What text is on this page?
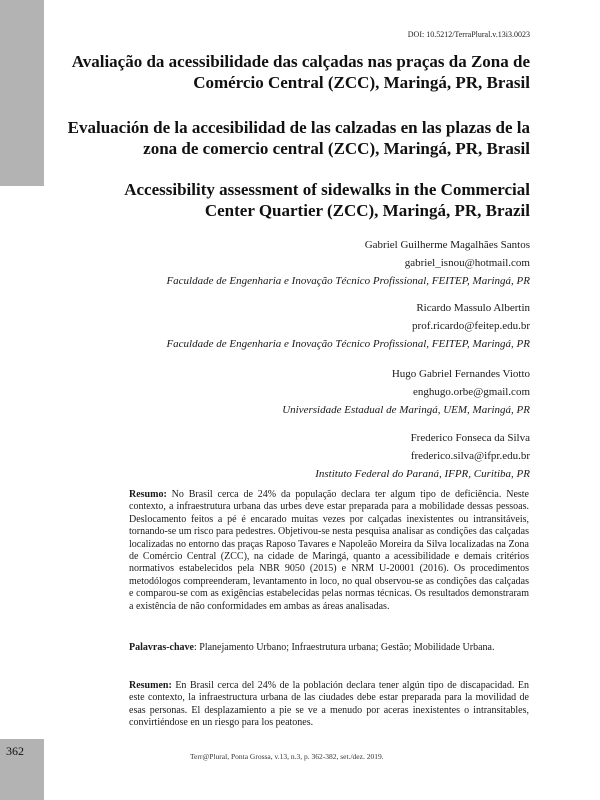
DOI: 10.5212/TerraPlural.v.13i3.0023
Avaliação da acessibilidade das calçadas nas praças da Zona de Comércio Central (ZCC), Maringá, PR, Brasil
Evaluación de la accesibilidad de las calzadas en las plazas de la zona de comercio central (ZCC), Maringá, PR, Brasil
Accessibility assessment of sidewalks in the Commercial Center Quartier (ZCC), Maringá, PR, Brazil
Gabriel Guilherme Magalhães Santos
gabriel_isnou@hotmail.com
Faculdade de Engenharia e Inovação Técnico Profissional, FEITEP, Maringá, PR
Ricardo Massulo Albertin
prof.ricardo@feitep.edu.br
Faculdade de Engenharia e Inovação Técnico Profissional, FEITEP, Maringá, PR
Hugo Gabriel Fernandes Viotto
enghugo.orbe@gmail.com
Universidade Estadual de Maringá, UEM, Maringá, PR
Frederico Fonseca da Silva
frederico.silva@ifpr.edu.br
Instituto Federal do Paraná, IFPR, Curitiba, PR
Resumo: No Brasil cerca de 24% da população declara ter algum tipo de deficiência. Neste contexto, a infraestrutura urbana das urbes deve estar preparada para a mobilidade dessas pessoas. Deslocamento feitos a pé é encarado muitas vezes por calçadas inexistentes ou intransitáveis, tornando-se um risco para pedestres. Objetivou-se nesta pesquisa analisar as condições das calçadas localizadas no entorno das praças Raposo Tavares e Napoleão Moreira da Silva localizadas na Zona de Comércio Central (ZCC), na cidade de Maringá, quanto a acessibilidade e demais critérios normativos estabelecidos pela NBR 9050 (2015) e NRM U-20001 (2016). Os procedimentos metodólogos compreenderam, levantamento in loco, no qual observou-se as condições das calçadas e comparou-se com as exigências estabelecidas pelas normas técnicas. Os resultados demonstraram a existência de não conformidades em ambas as áreas analisadas.
Palavras-chave: Planejamento Urbano; Infraestrutura urbana; Gestão; Mobilidade Urbana.
Resumen: En Brasil cerca del 24% de la población declara tener algún tipo de discapacidad. En este contexto, la infraestructura urbana de las ciudades debe estar preparada para la movilidad de esas personas. El desplazamiento a pie se ve a menudo por aceras inexistentes o intransitables, convirtiéndose en un riesgo para los peatones.
362	Terr@Plural, Ponta Grossa, v.13, n.3, p. 362-382, set./dez. 2019.
